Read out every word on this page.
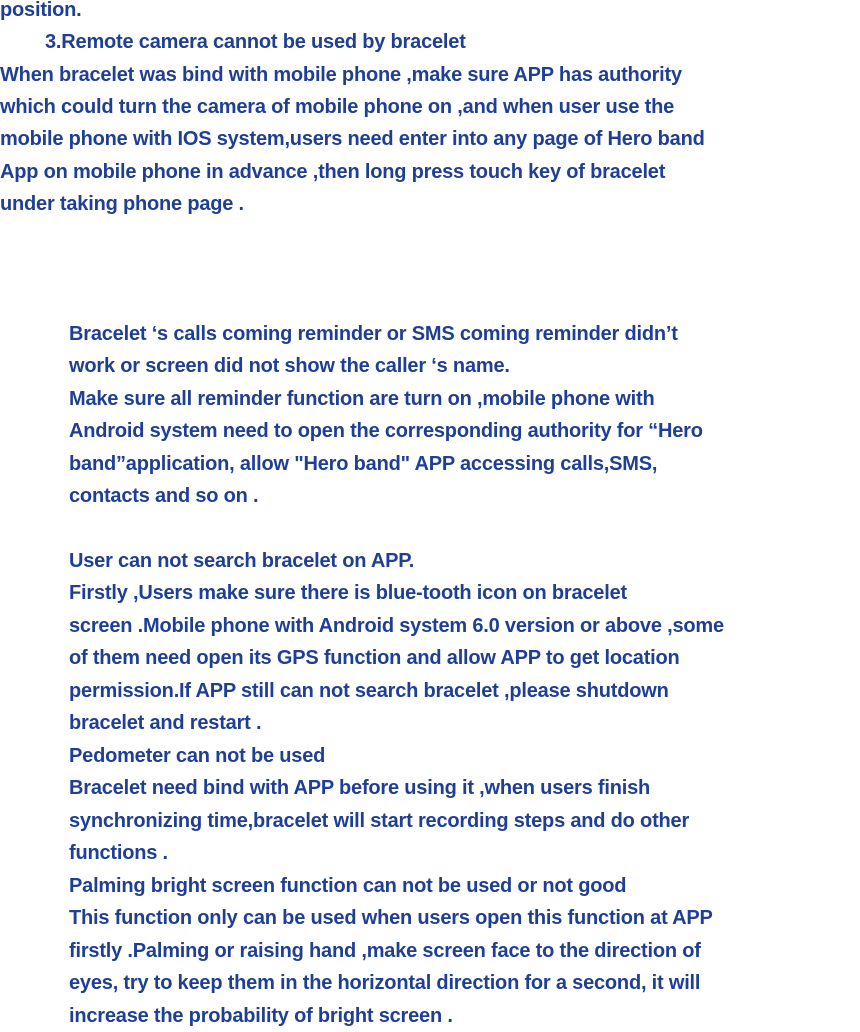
position.
3.Remote camera cannot be used by bracelet
When bracelet was bind with mobile phone ,make sure APP has authority
which could turn the camera of mobile phone on ,and when user use the
mobile phone with IOS system,users need enter into any page of Hero band
App on mobile phone in advance ,then long press touch key of bracelet
under taking phone page .
Bracelet ‘s calls coming reminder or SMS coming reminder didn’t
work or screen did not show the caller ‘s name.
Make sure all reminder function are turn on ,mobile phone with
Android system need to open the corresponding authority for “Hero
band”application, allow "Hero band" APP accessing calls,SMS,
contacts and so on .
User can not search bracelet on APP.
Firstly ,Users make sure there is blue-tooth icon on bracelet
screen .Mobile phone with Android system 6.0 version or above ,some
of them need open its GPS function and allow APP to get location
permission.If APP still can not search bracelet ,please shutdown
bracelet and restart .
Pedometer can not be used
Bracelet need bind with APP before using it ,when users finish
synchronizing time,bracelet will start recording steps and do other
functions .
Palming bright screen function can not be used or not good
This function only can be used when users open this function at APP
firstly .Palming or raising hand ,make screen face to the direction of
eyes, try to keep them in the horizontal direction for a second, it will
increase the probability of bright screen .
